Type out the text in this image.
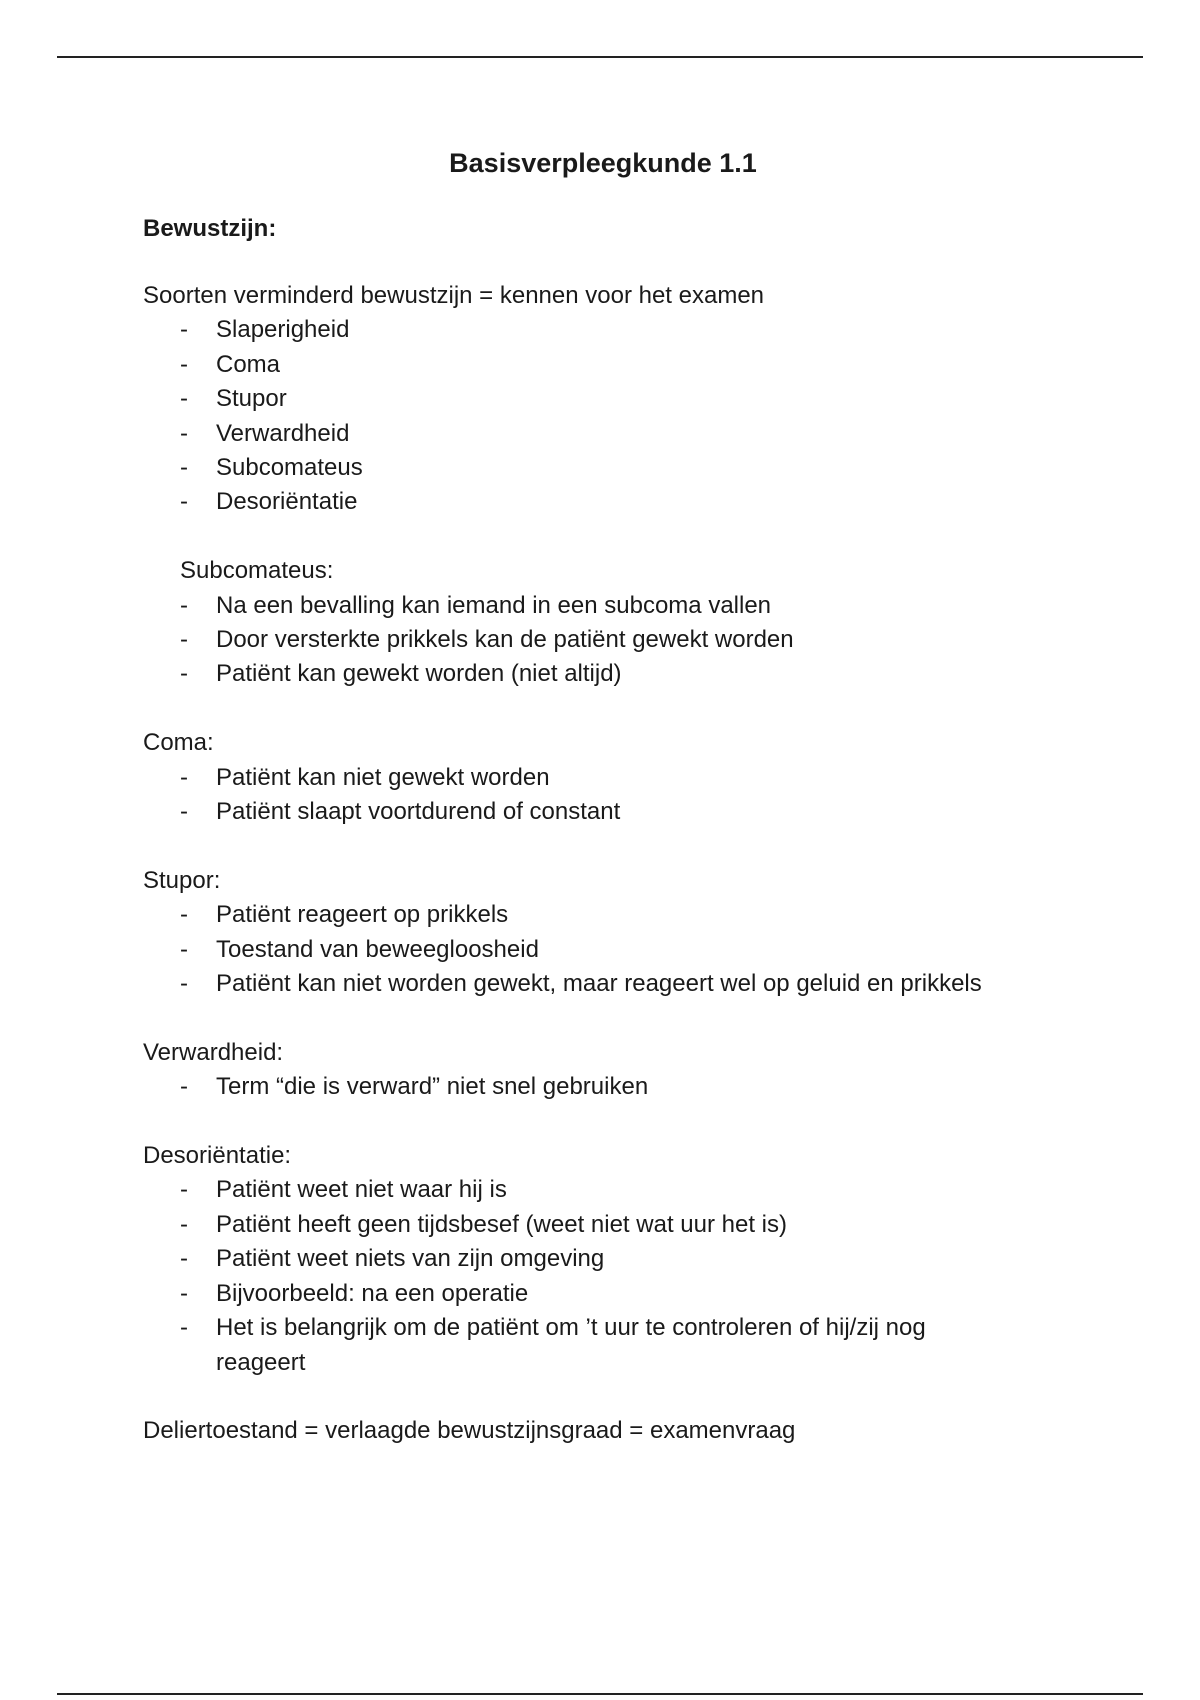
Basisverpleegkunde 1.1
Bewustzijn:

Soorten verminderd bewustzijn = kennen voor het examen

- Slaperigheid
- Coma
- Stupor
- Verwardheid
- Subcomateus
- Desoriëntatie

Subcomateus:

- Na een bevalling kan iemand in een subcoma vallen
- Door versterkte prikkels kan de patiënt gewekt worden
- Patiënt kan gewekt worden (niet altijd)

Coma:

- Patiënt kan niet gewekt worden
- Patiënt slaapt voortdurend of constant

Stupor:

- Patiënt reageert op prikkels
- Toestand van beweegloosheid
- Patiënt kan niet worden gewekt, maar reageert wel op geluid en prikkels

Verwardheid:

- Term “die is verward” niet snel gebruiken

Desoriëntatie:

- Patiënt weet niet waar hij is
- Patiënt heeft geen tijdsbesef (weet niet wat uur het is)
- Patiënt weet niets van zijn omgeving
- Bijvoorbeeld: na een operatie
- Het is belangrijk om de patiënt om ’t uur te controleren of hij/zij nog reageert

Deliertoestand = verlaagde bewustzijnsgraad = examenvraag
